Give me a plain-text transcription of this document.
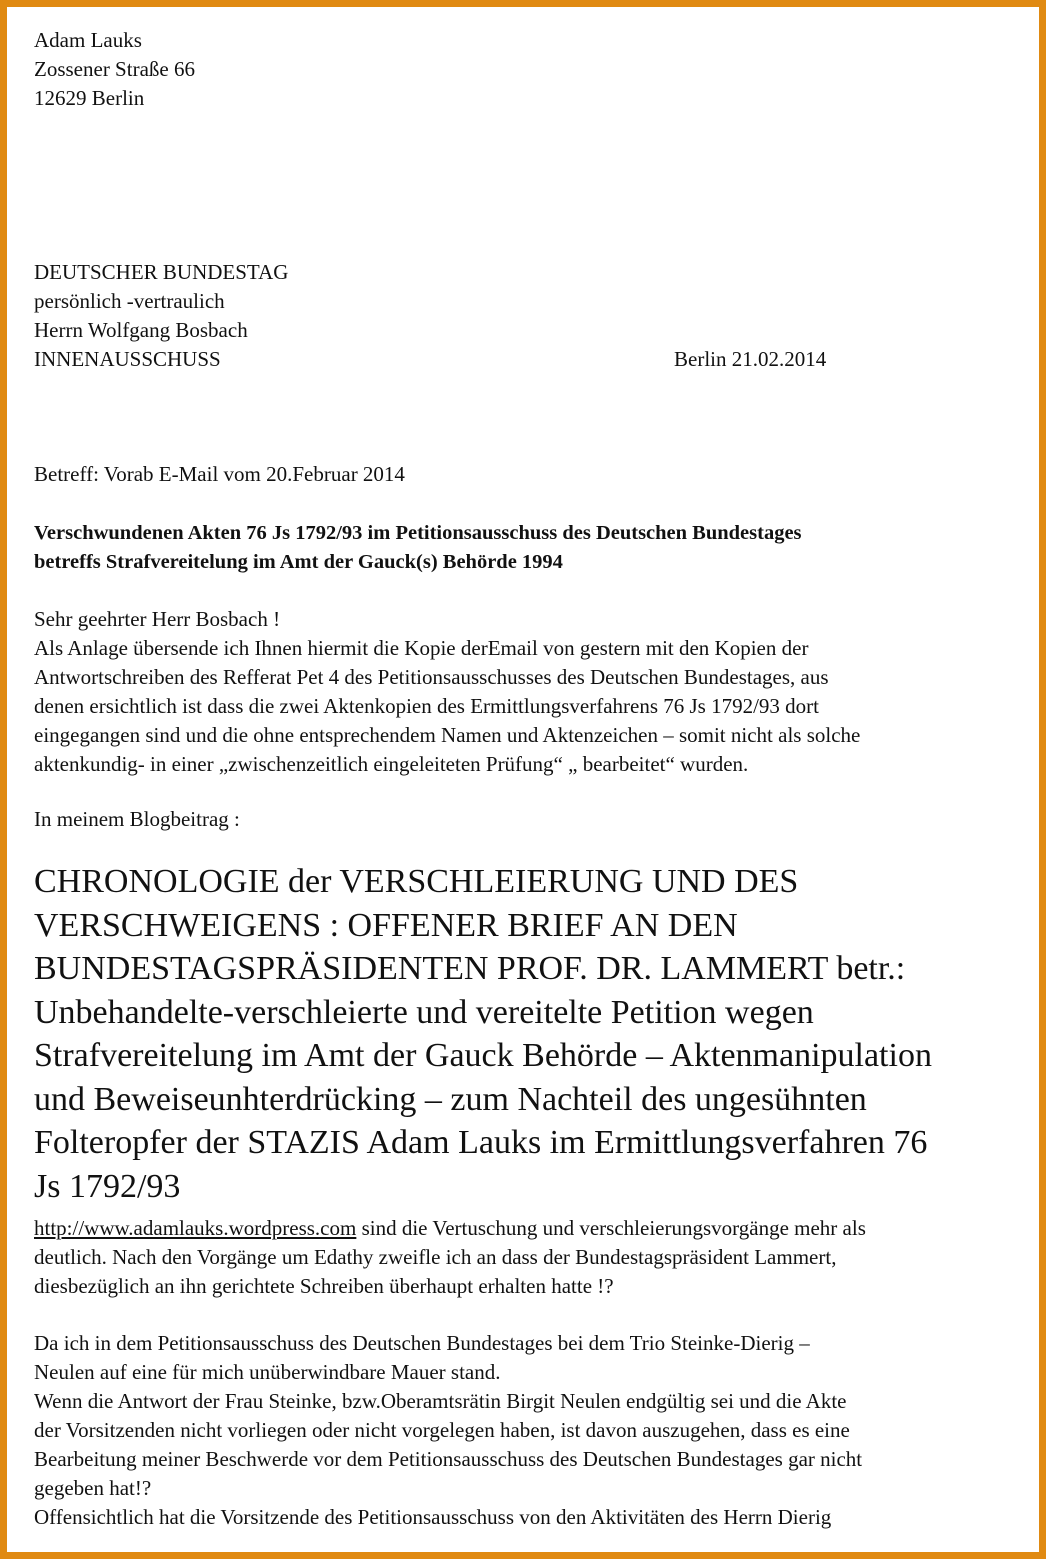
Adam Lauks
Zossener Straße 66
12629 Berlin
DEUTSCHER BUNDESTAG
persönlich -vertraulich
Herrn Wolfgang Bosbach
INNENAUSSCHUSS	Berlin 21.02.2014
Betreff: Vorab E-Mail vom 20.Februar 2014
Verschwundenen Akten 76 Js 1792/93 im Petitionsausschuss des Deutschen Bundestages
betreffs Strafvereitelung im Amt der Gauck(s) Behörde 1994
Sehr geehrter Herr Bosbach !
Als Anlage übersende ich Ihnen hiermit die Kopie derEmail von gestern mit den Kopien der
Antwortschreiben des Refferat Pet 4 des Petitionsausschusses des Deutschen Bundestages, aus
denen ersichtlich ist dass die zwei Aktenkopien des Ermittlungsverfahrens 76 Js 1792/93 dort
eingegangen sind und die ohne entsprechendem Namen und Aktenzeichen – somit nicht als solche
aktenkundig- in einer „zwischenzeitlich eingeleiteten Prüfung“ „ bearbeitet“ wurden.
In meinem Blogbeitrag :
CHRONOLOGIE der VERSCHLEIERUNG UND DES
VERSCHWEIGENS : OFFENER BRIEF AN DEN
BUNDESTAGSPRÄSIDENTEN PROF. DR. LAMMERT betr.:
Unbehandelte-verschleierte und vereitelte Petition wegen
Strafvereitelung im Amt der Gauck Behörde – Aktenmanipulation
und Beweiseunhterdrücking – zum Nachteil des ungesühnten
Folteropfer der STAZIS Adam Lauks im Ermittlungsverfahren 76
Js 1792/93
http://www.adamlauks.wordpress.com sind die Vertuschung und verschleierungsvorgänge mehr als
deutlich. Nach den Vorgänge um Edathy zweifle ich an dass der Bundestagspräsident Lammert,
diesbezüglich an ihn gerichtete Schreiben überhaupt erhalten hatte !?
Da ich in dem Petitionsausschuss des Deutschen Bundestages bei dem Trio Steinke-Dierig –
Neulen auf eine für mich unüberwindbare Mauer stand.
Wenn die Antwort der Frau Steinke, bzw.Oberamtsrätin Birgit Neulen endgültig sei und die Akte
der Vorsitzenden nicht vorliegen oder nicht vorgelegen haben, ist davon auszugehen, dass es eine
Bearbeitung meiner Beschwerde vor dem Petitionsausschuss des Deutschen Bundestages gar nicht
gegeben hat!?
Offensichtlich hat die Vorsitzende des Petitionsausschuss von den Aktivitäten des Herrn Dierig
